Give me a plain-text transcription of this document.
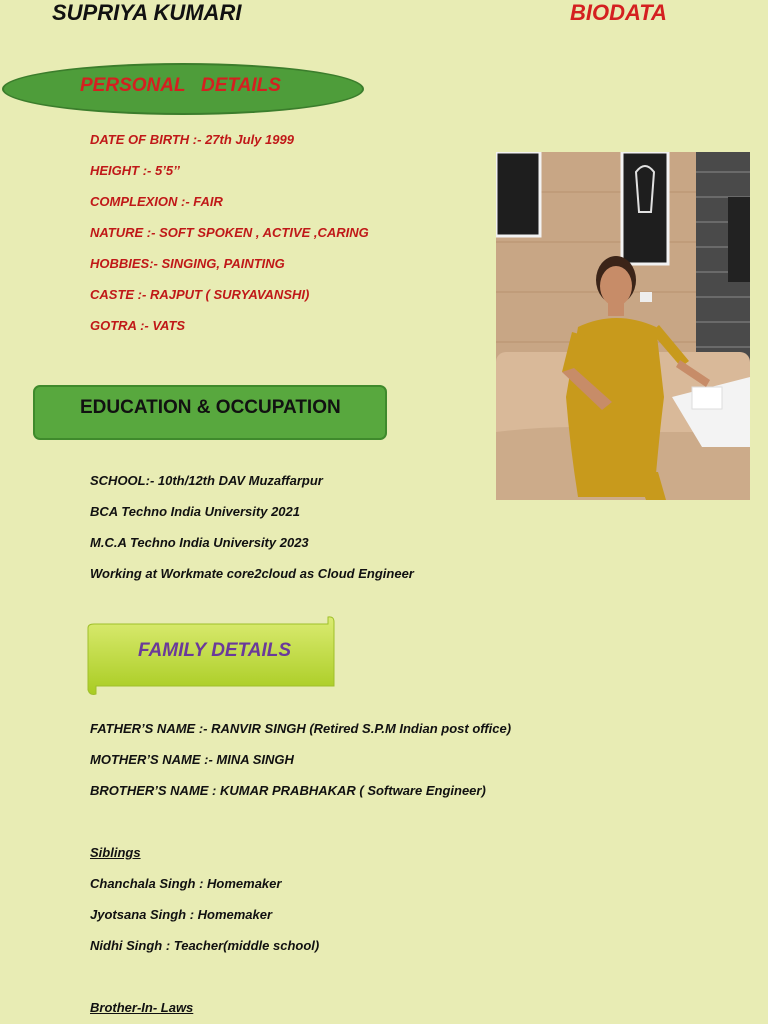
SUPRIYA KUMARI	BIODATA
PERSONAL   DETAILS
DATE OF BIRTH :- 27th July 1999
HEIGHT :- 5’5’’
COMPLEXION :- FAIR
NATURE :- SOFT SPOKEN , ACTIVE ,CARING
HOBBIES:- SINGING, PAINTING
CASTE :- RAJPUT ( SURYAVANSHI)
GOTRA :- VATS
EDUCATION & OCCUPATION
SCHOOL:- 10th/12th DAV Muzaffarpur
BCA Techno India University 2021
M.C.A Techno India University 2023
Working at Workmate core2cloud as Cloud Engineer
FAMILY DETAILS
FATHER’S NAME :- RANVIR SINGH (Retired S.P.M Indian post office)
MOTHER’S NAME :- MINA SINGH
BROTHER’S NAME : KUMAR PRABHAKAR ( Software Engineer)
Siblings
Chanchala Singh : Homemaker
Jyotsana Singh : Homemaker
Nidhi Singh : Teacher(middle school)
Brother-In- Laws
